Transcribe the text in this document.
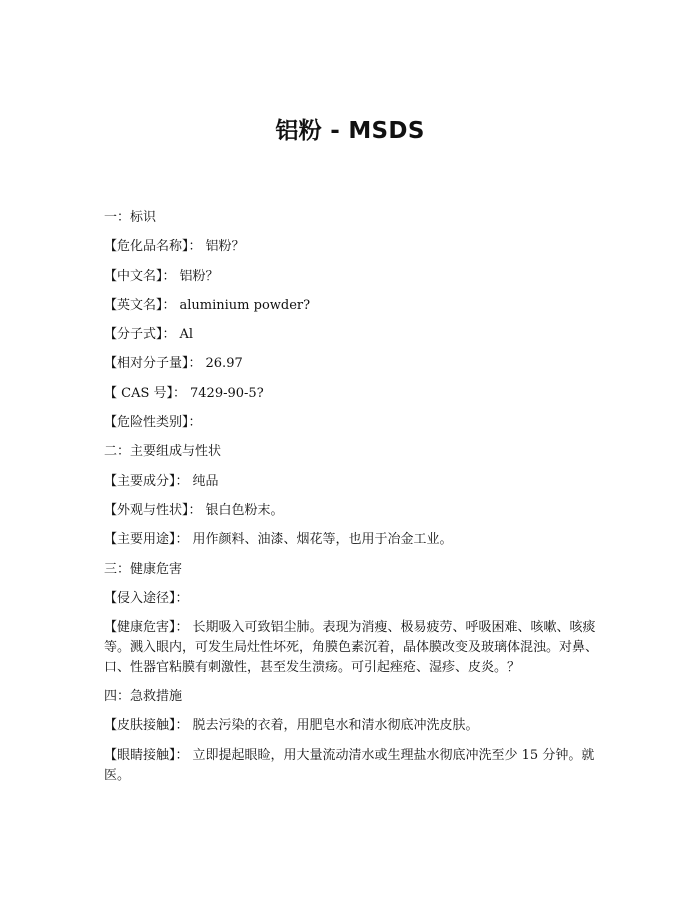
铝粉 - MSDS

一：标识

【危化品名称】： 铝粉？

【中文名】： 铝粉？

【英文名】： aluminium powder?

【分子式】： Al

【相对分子量】： 26.97

【 CAS 号】： 7429-90-5?

【危险性类别】：

二：主要组成与性状

【主要成分】： 纯品

【外观与性状】： 银白色粉末。

【主要用途】： 用作颜料、油漆、烟花等，也用于冶金工业。

三：健康危害

【侵入途径】：

【健康危害】： 长期吸入可致铝尘肺。表现为消瘦、极易疲劳、呼吸困难、咳嗽、咳痰等。溅入眼内，可发生局灶性坏死，角膜色素沉着，晶体膜改变及玻璃体混浊。对鼻、口、性器官粘膜有刺激性，甚至发生溃疡。可引起痤疮、湿疹、皮炎。？

四：急救措施

【皮肤接触】： 脱去污染的衣着，用肥皂水和清水彻底冲洗皮肤。

【眼睛接触】： 立即提起眼睑，用大量流动清水或生理盐水彻底冲洗至少 15 分钟。就医。
